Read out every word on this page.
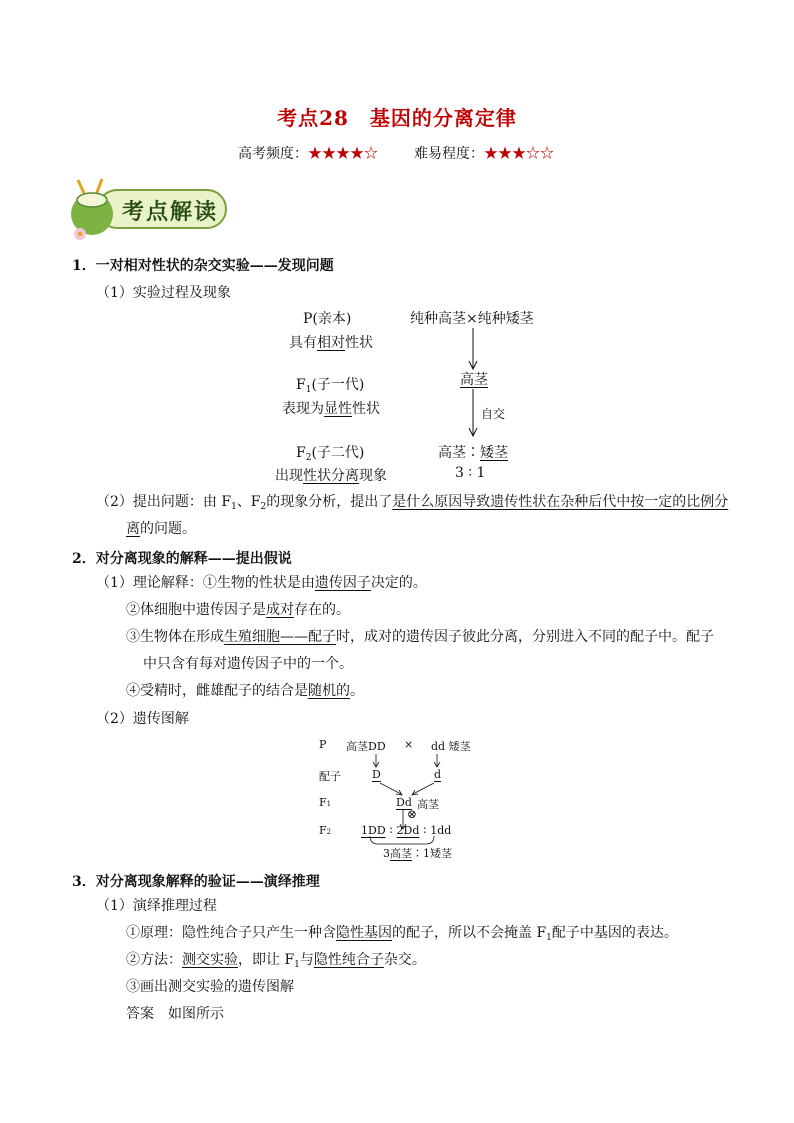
考点28　基因的分离定律
高考频度：★★★★☆	难易程度：★★★☆☆
考点解读
1．一对相对性状的杂交实验——发现问题
（1）实验过程及现象
P(亲本)
具有相对性状
纯种高茎×纯种矮茎
$F_1$(子一代)
表现为显性性状
高茎
自交
$F_2$(子二代)
出现性状分离现象
高茎∶矮茎
3 ∶ 1
（2）提出问题：由 $F_1$、$F_2$的现象分析，提出了是什么原因导致遗传性状在杂种后代中按一定的比例分
离的问题。
2．对分离现象的解释——提出假说
（1）理论解释：①生物的性状是由遗传因子决定的。
②体细胞中遗传因子是成对存在的。
③生物体在形成生殖细胞——配子时，成对的遗传因子彼此分离，分别进入不同的配子中。配子
中只含有每对遗传因子中的一个。
④受精时，雌雄配子的结合是随机的。
（2）遗传图解
P 高茎DD × dd 矮茎
配子	D	d
F1	Dd 高茎
⊗
F2	1DD ∶ 2Dd ∶ 1dd
3高茎∶1矮茎
3．对分离现象解释的验证——演绎推理
（1）演绎推理过程
①原理：隐性纯合子只产生一种含隐性基因的配子，所以不会掩盖 $F_1$配子中基因的表达。
②方法：测交实验，即让 $F_1$与隐性纯合子杂交。
③画出测交实验的遗传图解
答案　如图所示
